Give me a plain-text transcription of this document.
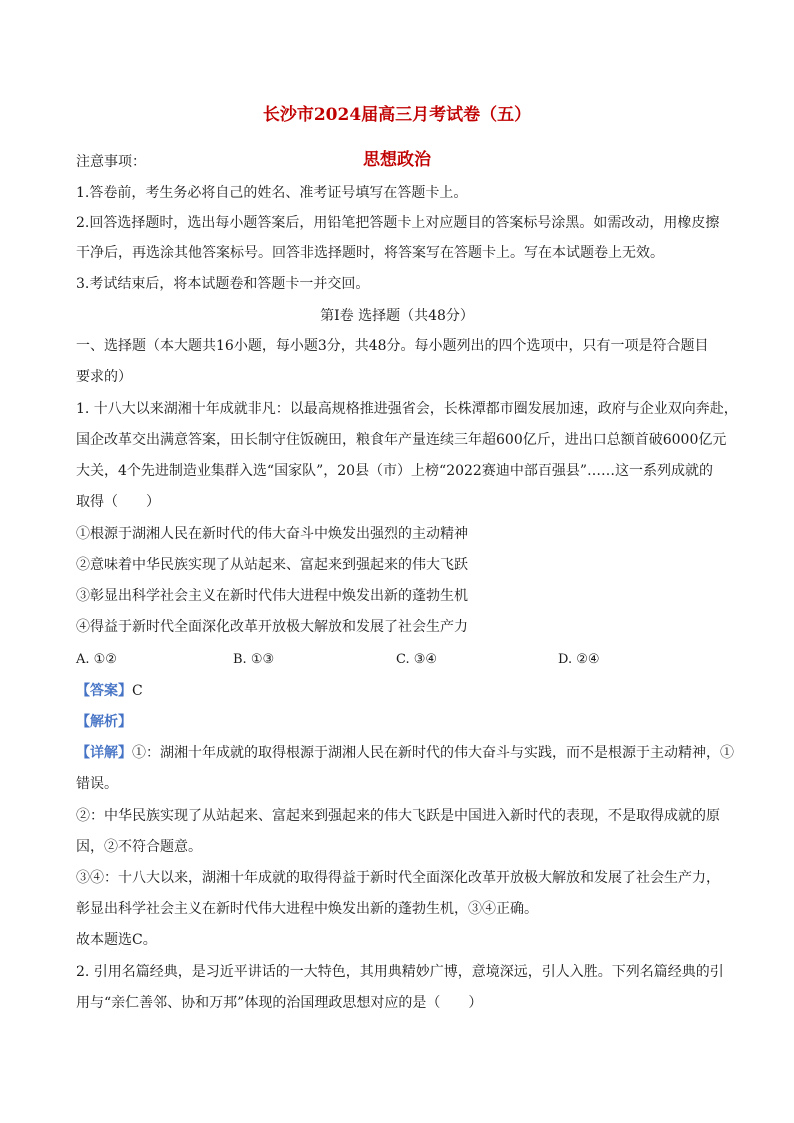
长沙市2024届高三月考试卷（五）
思想政治
注意事项：
1.答卷前，考生务必将自己的姓名、准考证号填写在答题卡上。
2.回答选择题时，选出每小题答案后，用铅笔把答题卡上对应题目的答案标号涂黑。如需改动，用橡皮擦
干净后，再选涂其他答案标号。回答非选择题时，将答案写在答题卡上。写在本试题卷上无效。
3.考试结束后，将本试题卷和答题卡一并交回。
第Ⅰ卷 选择题（共48分）
一、选择题（本大题共16小题，每小题3分，共48分。每小题列出的四个选项中，只有一项是符合题目
要求的）
1. 十八大以来湖湘十年成就非凡：以最高规格推进强省会，长株潭都市圈发展加速，政府与企业双向奔赴，
国企改革交出满意答案，田长制守住饭碗田，粮食年产量连续三年超600亿斤，进出口总额首破6000亿元
大关，4个先进制造业集群入选“国家队”，20县（市）上榜“2022赛迪中部百强县”……这一系列成就的
取得（　　）
①根源于湖湘人民在新时代的伟大奋斗中焕发出强烈的主动精神
②意味着中华民族实现了从站起来、富起来到强起来的伟大飞跃
③彰显出科学社会主义在新时代伟大进程中焕发出新的蓬勃生机
④得益于新时代全面深化改革开放极大解放和发展了社会生产力
A. ①②	B. ①③	C. ③④	D. ②④
【答案】C
【解析】
【详解】①：湖湘十年成就的取得根源于湖湘人民在新时代的伟大奋斗与实践，而不是根源于主动精神，①
错误。
②：中华民族实现了从站起来、富起来到强起来的伟大飞跃是中国进入新时代的表现，不是取得成就的原
因，②不符合题意。
③④：十八大以来，湖湘十年成就的取得得益于新时代全面深化改革开放极大解放和发展了社会生产力，
彰显出科学社会主义在新时代伟大进程中焕发出新的蓬勃生机，③④正确。
故本题选C。
2. 引用名篇经典，是习近平讲话的一大特色，其用典精妙广博，意境深远，引人入胜。下列名篇经典的引
用与“亲仁善邻、协和万邦”体现的治国理政思想对应的是（　　）
